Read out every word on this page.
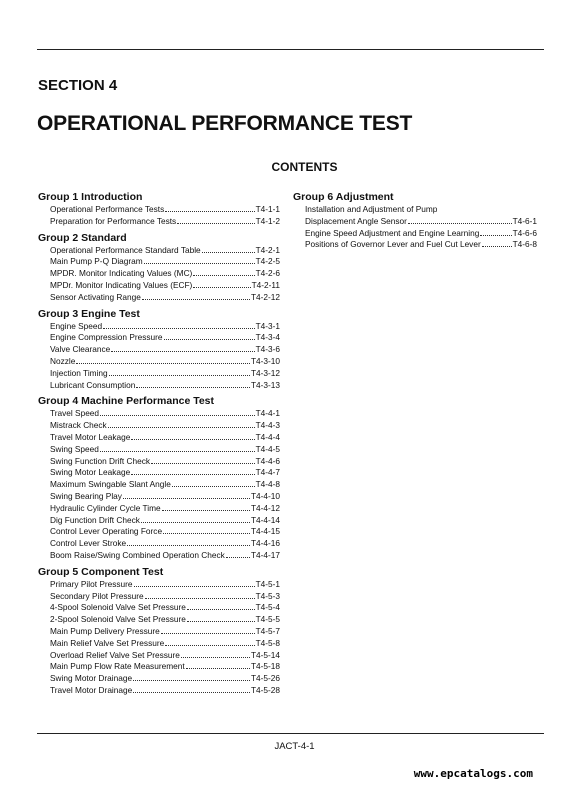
SECTION 4
OPERATIONAL PERFORMANCE TEST
CONTENTS
Group 1 Introduction
Operational Performance Tests	T4-1-1
Preparation for Performance Tests	T4-1-2
Group 2 Standard
Operational Performance Standard Table	T4-2-1
Main Pump P-Q Diagram	T4-2-5
MPDR. Monitor Indicating Values (MC)	T4-2-6
MPDr. Monitor Indicating Values (ECF)	T4-2-11
Sensor Activating Range	T4-2-12
Group 3 Engine Test
Engine Speed	T4-3-1
Engine Compression Pressure	T4-3-4
Valve Clearance	T4-3-6
Nozzle	T4-3-10
Injection Timing	T4-3-12
Lubricant Consumption	T4-3-13
Group 4 Machine Performance Test
Travel Speed	T4-4-1
Mistrack Check	T4-4-3
Travel Motor Leakage	T4-4-4
Swing Speed	T4-4-5
Swing Function Drift Check	T4-4-6
Swing Motor Leakage	T4-4-7
Maximum Swingable Slant Angle	T4-4-8
Swing Bearing Play	T4-4-10
Hydraulic Cylinder Cycle Time	T4-4-12
Dig Function Drift Check	T4-4-14
Control Lever Operating Force	T4-4-15
Control Lever Stroke	T4-4-16
Boom Raise/Swing Combined Operation Check	T4-4-17
Group 5 Component Test
Primary Pilot Pressure	T4-5-1
Secondary Pilot Pressure	T4-5-3
4-Spool Solenoid Valve Set Pressure	T4-5-4
2-Spool Solenoid Valve Set Pressure	T4-5-5
Main Pump Delivery Pressure	T4-5-7
Main Relief Valve Set Pressure	T4-5-8
Overload Relief Valve Set Pressure	T4-5-14
Main Pump Flow Rate Measurement	T4-5-18
Swing Motor Drainage	T4-5-26
Travel Motor Drainage	T4-5-28
Group 6 Adjustment
Installation and Adjustment of Pump
Displacement Angle Sensor	T4-6-1
Engine Speed Adjustment and Engine Learning	T4-6-6
Positions of Governor Lever and Fuel Cut Lever	T4-6-8
JACT-4-1
www.epcatalogs.com
